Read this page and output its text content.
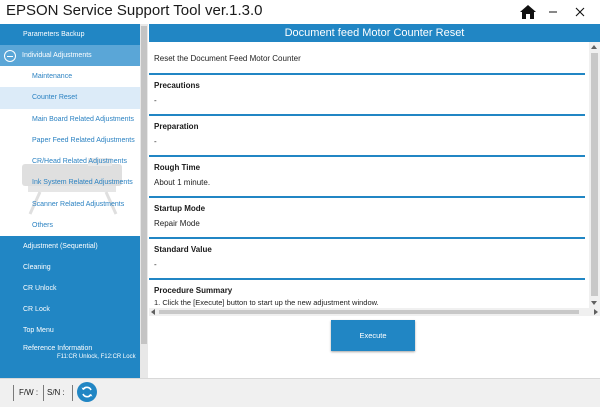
EPSON Service Support Tool ver.1.3.0
Parameters Backup
Individual Adjustments
Maintenance
Counter Reset
Main Board Related Adjustments
Paper Feed Related Adjustments
CR/Head Related Adjustments
Ink System Related Adjustments
Scanner Related Adjustments
Others
Adjustment (Sequential)
Cleaning
CR Unlock
CR Lock
Top Menu
Reference Information
F11:CR Unlock, F12:CR Lock
Document feed Motor Counter Reset
Reset the Document Feed Motor Counter
Precautions
-
Preparation
-
Rough Time
About 1 minute.
Startup Mode
Repair Mode
Standard Value
-
Procedure Summary
1. Click the [Execute] button to start up the new adjustment window.
Execute
F/W : S/N :
